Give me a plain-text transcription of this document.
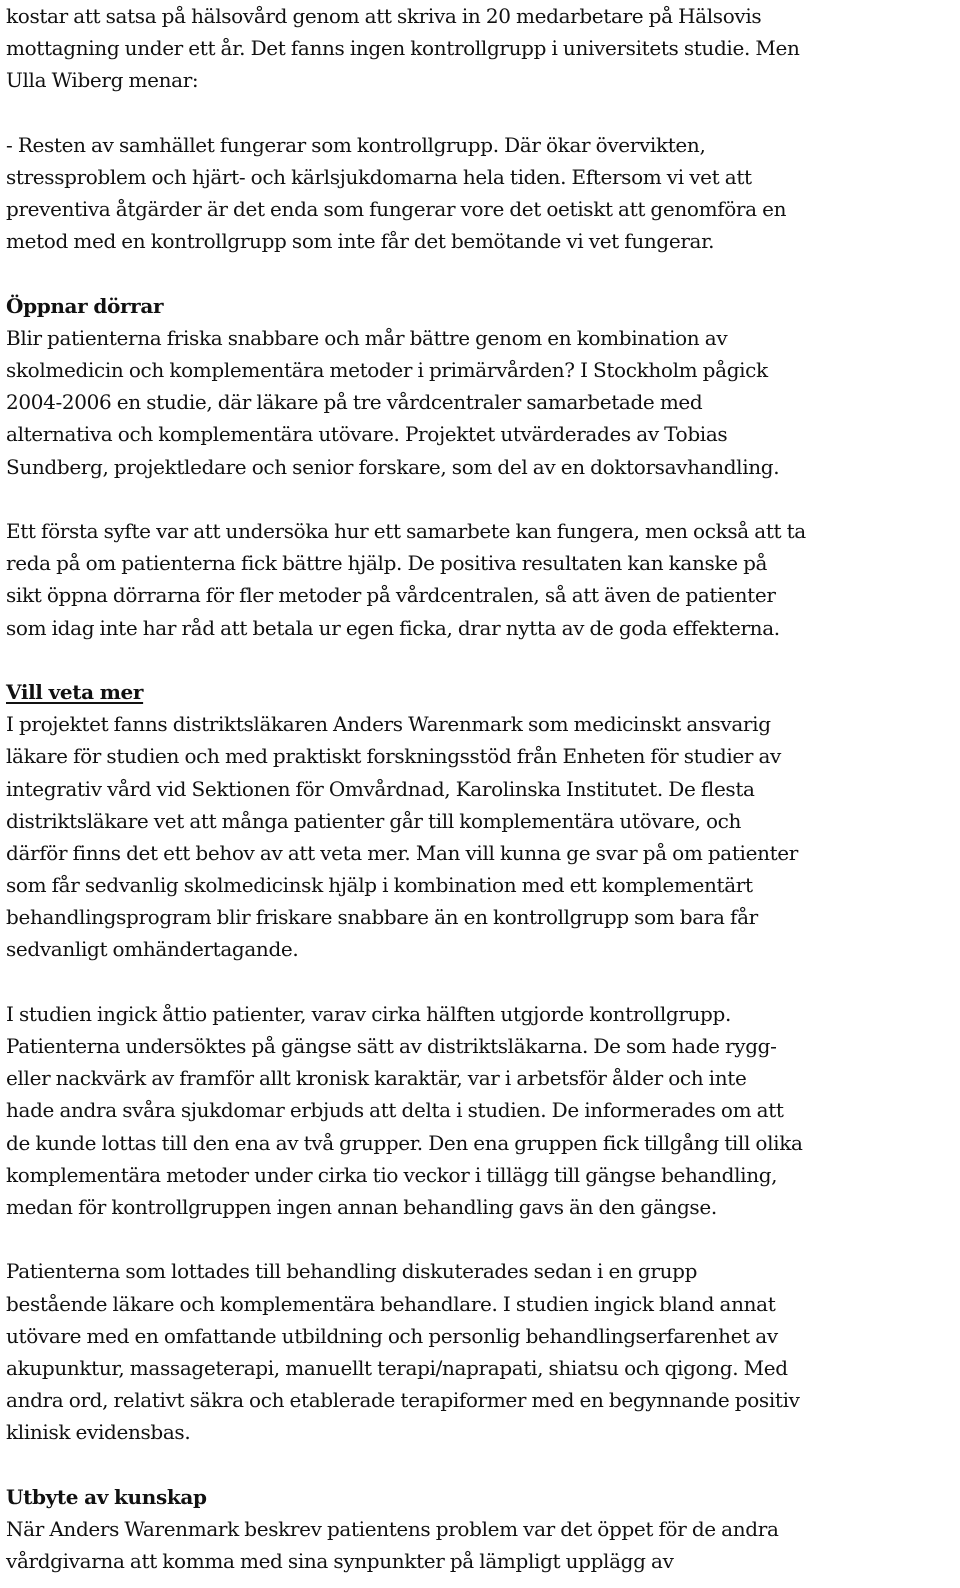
kostar att satsa på hälsovård genom att skriva in 20 medarbetare på Hälsovis
mottagning under ett år. Det fanns ingen kontrollgrupp i universitets studie. Men
Ulla Wiberg menar:
- Resten av samhället fungerar som kontrollgrupp. Där ökar övervikten,
stressproblem och hjärt- och kärlsjukdomarna hela tiden. Eftersom vi vet att
preventiva åtgärder är det enda som fungerar vore det oetiskt att genomföra en
metod med en kontrollgrupp som inte får det bemötande vi vet fungerar.
Öppnar dörrar
Blir patienterna friska snabbare och mår bättre genom en kombination av
skolmedicin och komplementära metoder i primärvården? I Stockholm pågick
2004-2006 en studie, där läkare på tre vårdcentraler samarbetade med
alternativa och komplementära utövare. Projektet utvärderades av Tobias
Sundberg, projektledare och senior forskare, som del av en doktorsavhandling.
Ett första syfte var att undersöka hur ett samarbete kan fungera, men också att ta
reda på om patienterna fick bättre hjälp. De positiva resultaten kan kanske på
sikt öppna dörrarna för fler metoder på vårdcentralen, så att även de patienter
som idag inte har råd att betala ur egen ficka, drar nytta av de goda effekterna.
Vill veta mer
I projektet fanns distriktsläkaren Anders Warenmark som medicinskt ansvarig
läkare för studien och med praktiskt forskningsstöd från Enheten för studier av
integrativ vård vid Sektionen för Omvårdnad, Karolinska Institutet. De flesta
distriktsläkare vet att många patienter går till komplementära utövare, och
därför finns det ett behov av att veta mer. Man vill kunna ge svar på om patienter
som får sedvanlig skolmedicinsk hjälp i kombination med ett komplementärt
behandlingsprogram blir friskare snabbare än en kontrollgrupp som bara får
sedvanligt omhändertagande.
I studien ingick åttio patienter, varav cirka hälften utgjorde kontrollgrupp.
Patienterna undersöktes på gängse sätt av distriktsläkarna. De som hade rygg-
eller nackvärk av framför allt kronisk karaktär, var i arbetsför ålder och inte
hade andra svåra sjukdomar erbjuds att delta i studien. De informerades om att
de kunde lottas till den ena av två grupper. Den ena gruppen fick tillgång till olika
komplementära metoder under cirka tio veckor i tillägg till gängse behandling,
medan för kontrollgruppen ingen annan behandling gavs än den gängse.
Patienterna som lottades till behandling diskuterades sedan i en grupp
bestående läkare och komplementära behandlare. I studien ingick bland annat
utövare med en omfattande utbildning och personlig behandlingserfarenhet av
akupunktur, massageterapi, manuellt terapi/naprapati, shiatsu och qigong. Med
andra ord, relativt säkra och etablerade terapiformer med en begynnande positiv
klinisk evidensbas.
Utbyte av kunskap
När Anders Warenmark beskrev patientens problem var det öppet för de andra
vårdgivarna att komma med sina synpunkter på lämpligt upplägg av
